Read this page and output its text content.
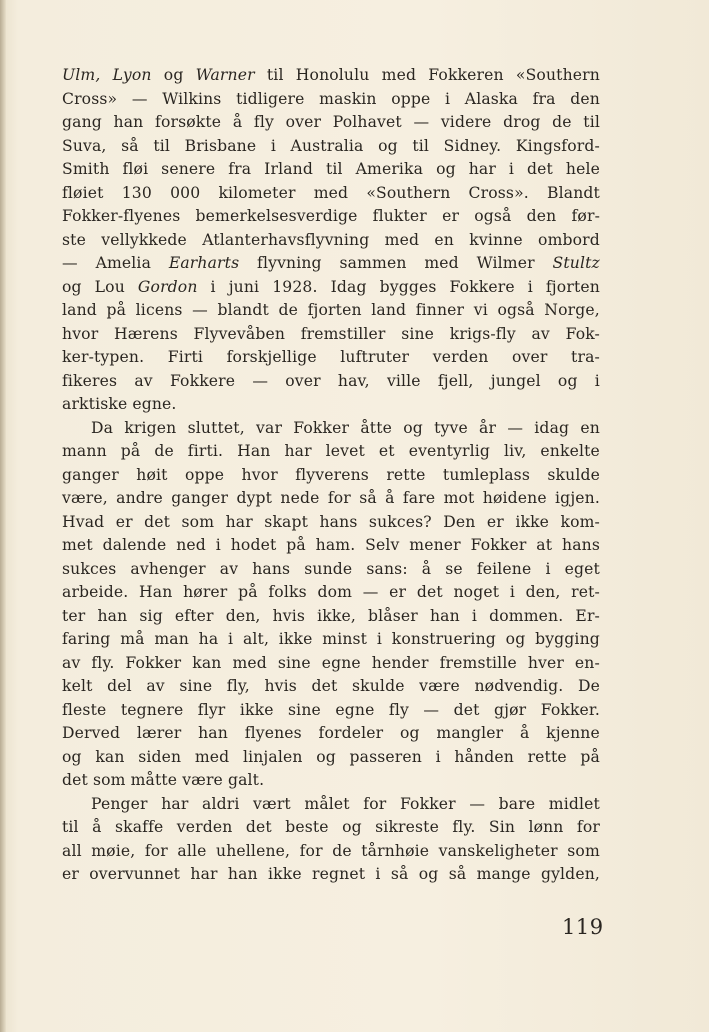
Ulm, Lyon og Warner til Honolulu med Fokkeren «Southern
Cross» — Wilkins tidligere maskin oppe i Alaska fra den
gang han forsøkte å fly over Polhavet — videre drog de til
Suva, så til Brisbane i Australia og til Sidney. Kingsford-
Smith fløi senere fra Irland til Amerika og har i det hele
fløiet 130 000 kilometer med «Southern Cross». Blandt
Fokker-flyenes bemerkelsesverdige flukter er også den før-
ste vellykkede Atlanterhavsflyvning med en kvinne ombord
— Amelia Earharts flyvning sammen med Wilmer Stultz
og Lou Gordon i juni 1928. Idag bygges Fokkere i fjorten
land på licens — blandt de fjorten land finner vi også Norge,
hvor Hærens Flyvevåben fremstiller sine krigs-fly av Fok-
ker-typen. Firti forskjellige luftruter verden over tra-
fikeres av Fokkere — over hav, ville fjell, jungel og i
arktiske egne.
Da krigen sluttet, var Fokker åtte og tyve år — idag en
mann på de firti. Han har levet et eventyrlig liv, enkelte
ganger høit oppe hvor flyverens rette tumleplass skulde
være, andre ganger dypt nede for så å fare mot høidene igjen.
Hvad er det som har skapt hans sukces? Den er ikke kom-
met dalende ned i hodet på ham. Selv mener Fokker at hans
sukces avhenger av hans sunde sans: å se feilene i eget
arbeide. Han hører på folks dom — er det noget i den, ret-
ter han sig efter den, hvis ikke, blåser han i dommen. Er-
faring må man ha i alt, ikke minst i konstruering og bygging
av fly. Fokker kan med sine egne hender fremstille hver en-
kelt del av sine fly, hvis det skulde være nødvendig. De
fleste tegnere flyr ikke sine egne fly — det gjør Fokker.
Derved lærer han flyenes fordeler og mangler å kjenne
og kan siden med linjalen og passeren i hånden rette på
det som måtte være galt.
Penger har aldri vært målet for Fokker — bare midlet
til å skaffe verden det beste og sikreste fly. Sin lønn for
all møie, for alle uhellene, for de tårnhøie vanskeligheter som
er overvunnet har han ikke regnet i så og så mange gylden,
119
